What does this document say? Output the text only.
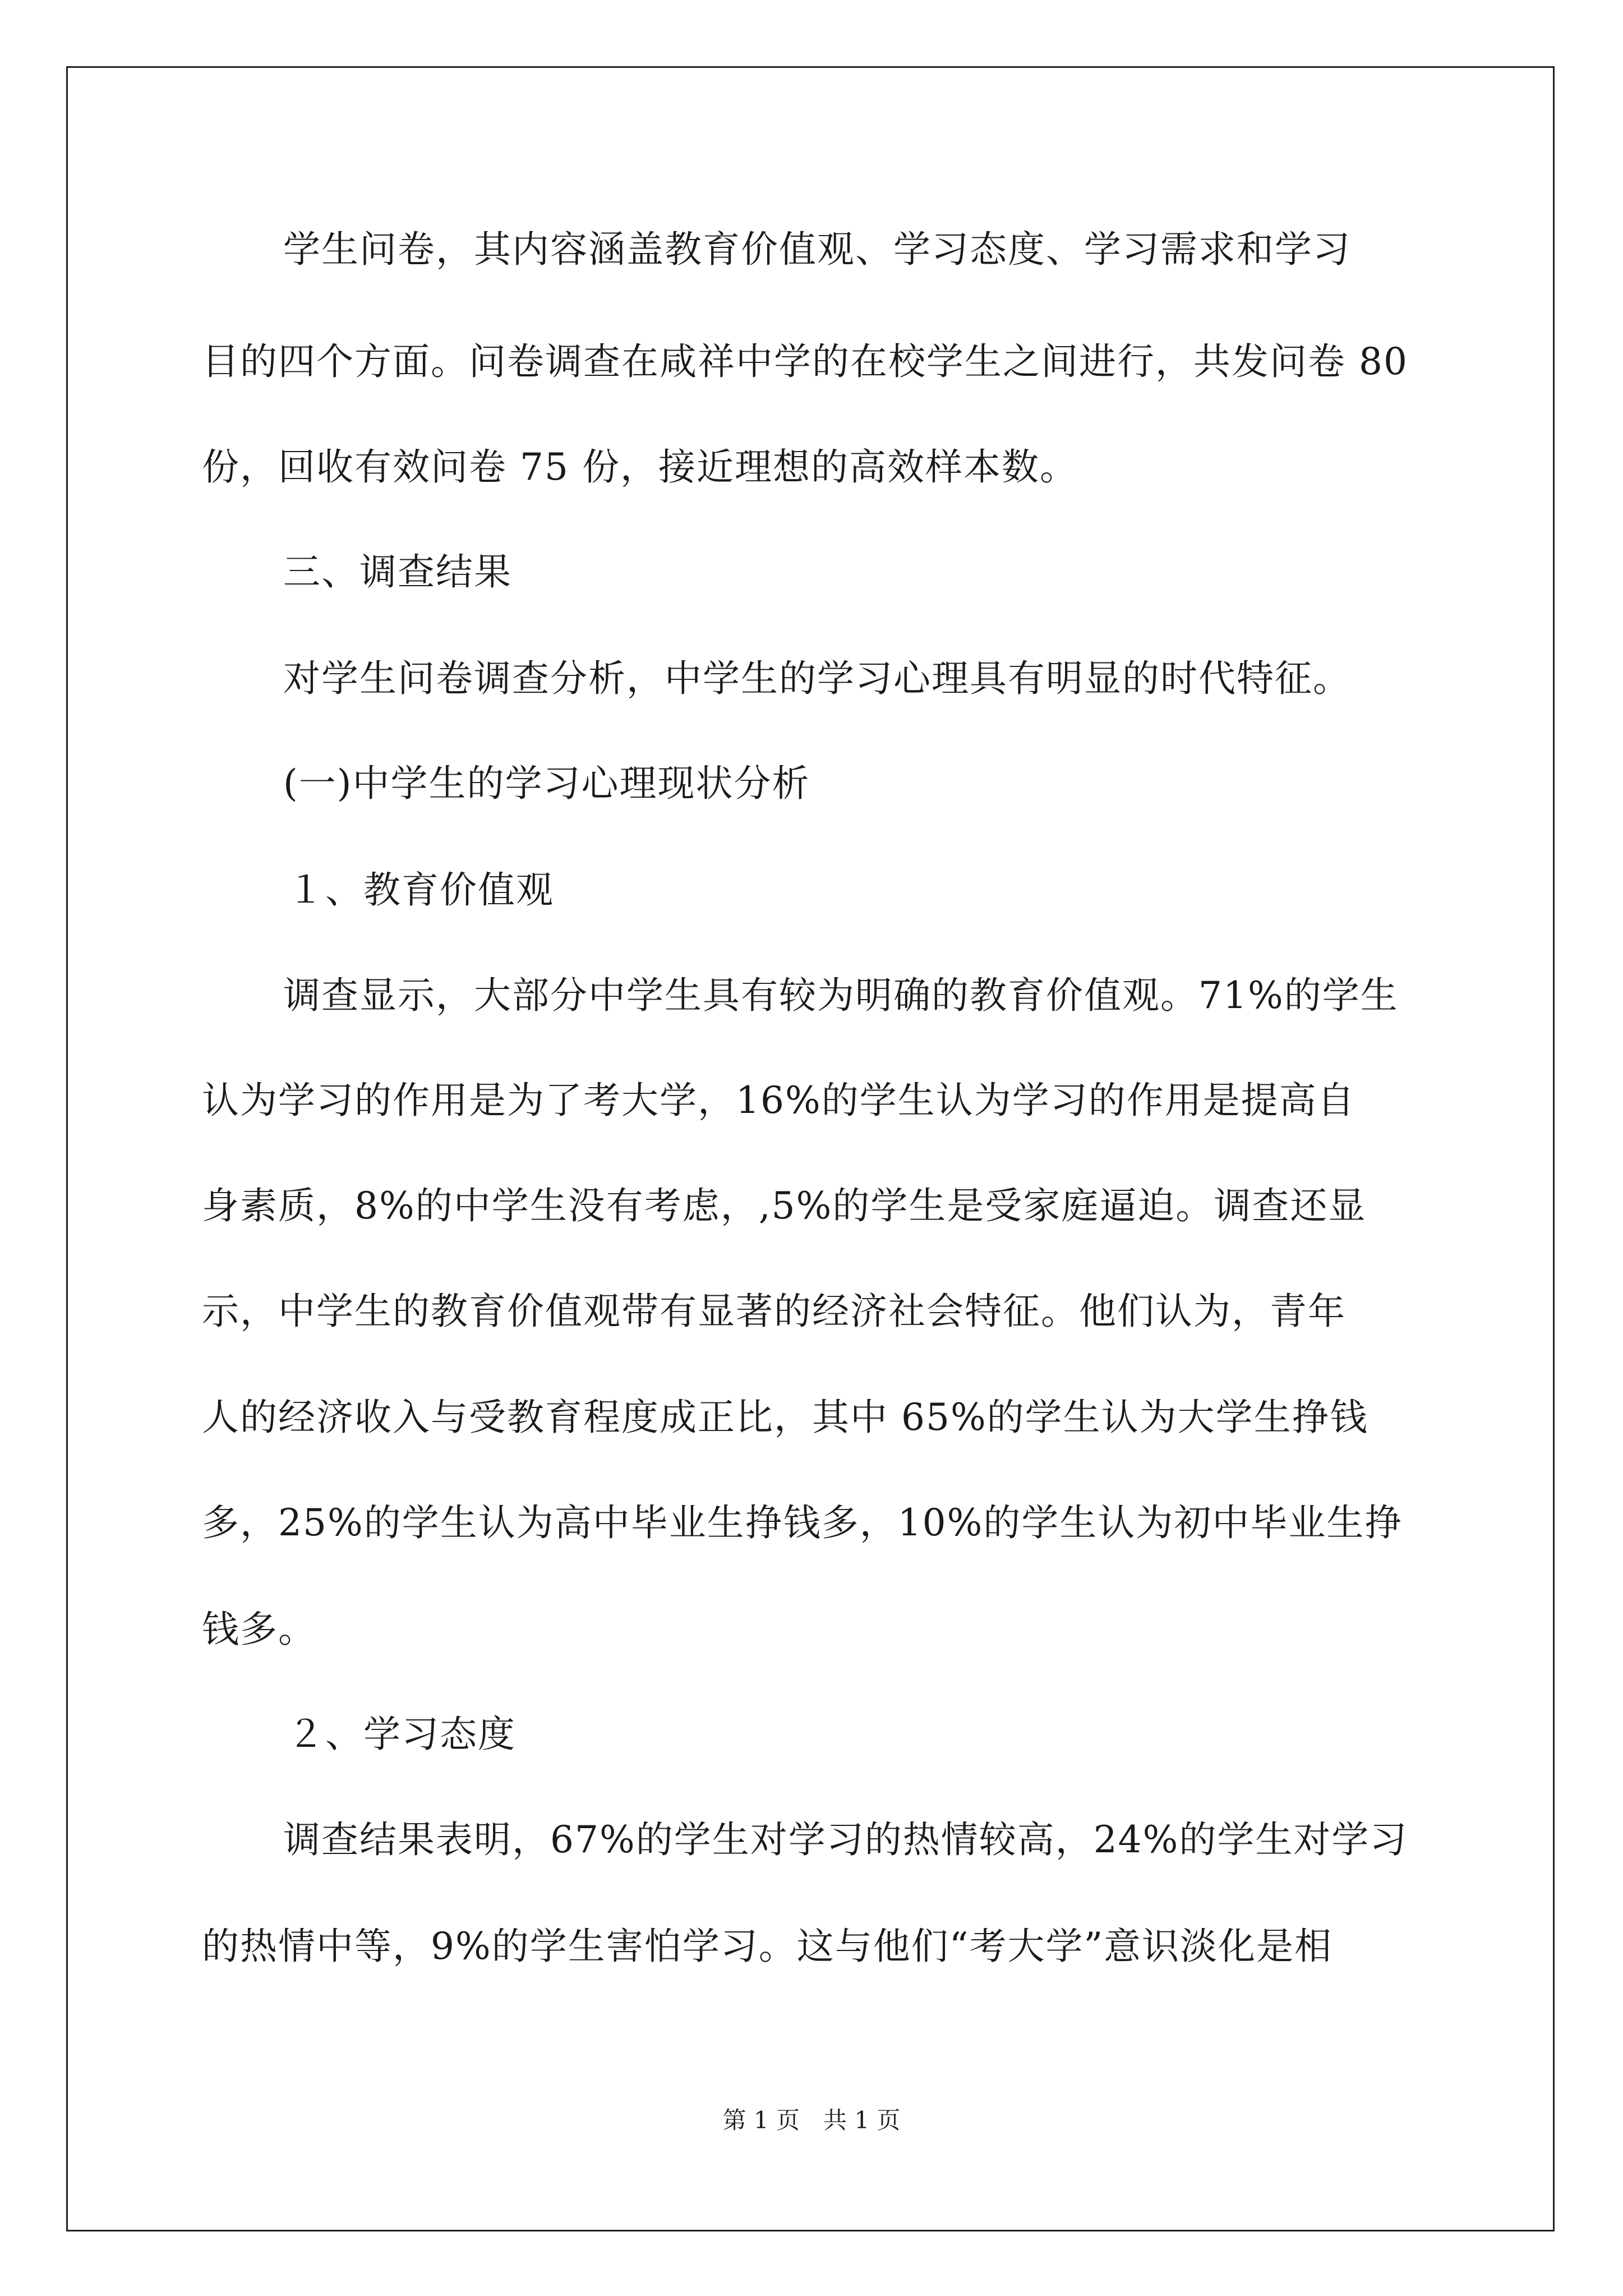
学生问卷，其内容涵盖教育价值观、学习态度、学习需求和学习
目的四个方面。问卷调查在咸祥中学的在校学生之间进行，共发问卷 80
份，回收有效问卷 75 份，接近理想的高效样本数。
三、调查结果
对学生问卷调查分析，中学生的学习心理具有明显的时代特征。
(一)中学生的学习心理现状分析
１、教育价值观
调查显示，大部分中学生具有较为明确的教育价值观。71%的学生
认为学习的作用是为了考大学，16%的学生认为学习的作用是提高自
身素质，8%的中学生没有考虑，,5%的学生是受家庭逼迫。调查还显
示，中学生的教育价值观带有显著的经济社会特征。他们认为，青年
人的经济收入与受教育程度成正比，其中 65%的学生认为大学生挣钱
多，25%的学生认为高中毕业生挣钱多，10%的学生认为初中毕业生挣
钱多。
２、学习态度
调查结果表明，67%的学生对学习的热情较高，24%的学生对学习
的热情中等，9%的学生害怕学习。这与他们“考大学”意识淡化是相
第 1 页　共 1 页
